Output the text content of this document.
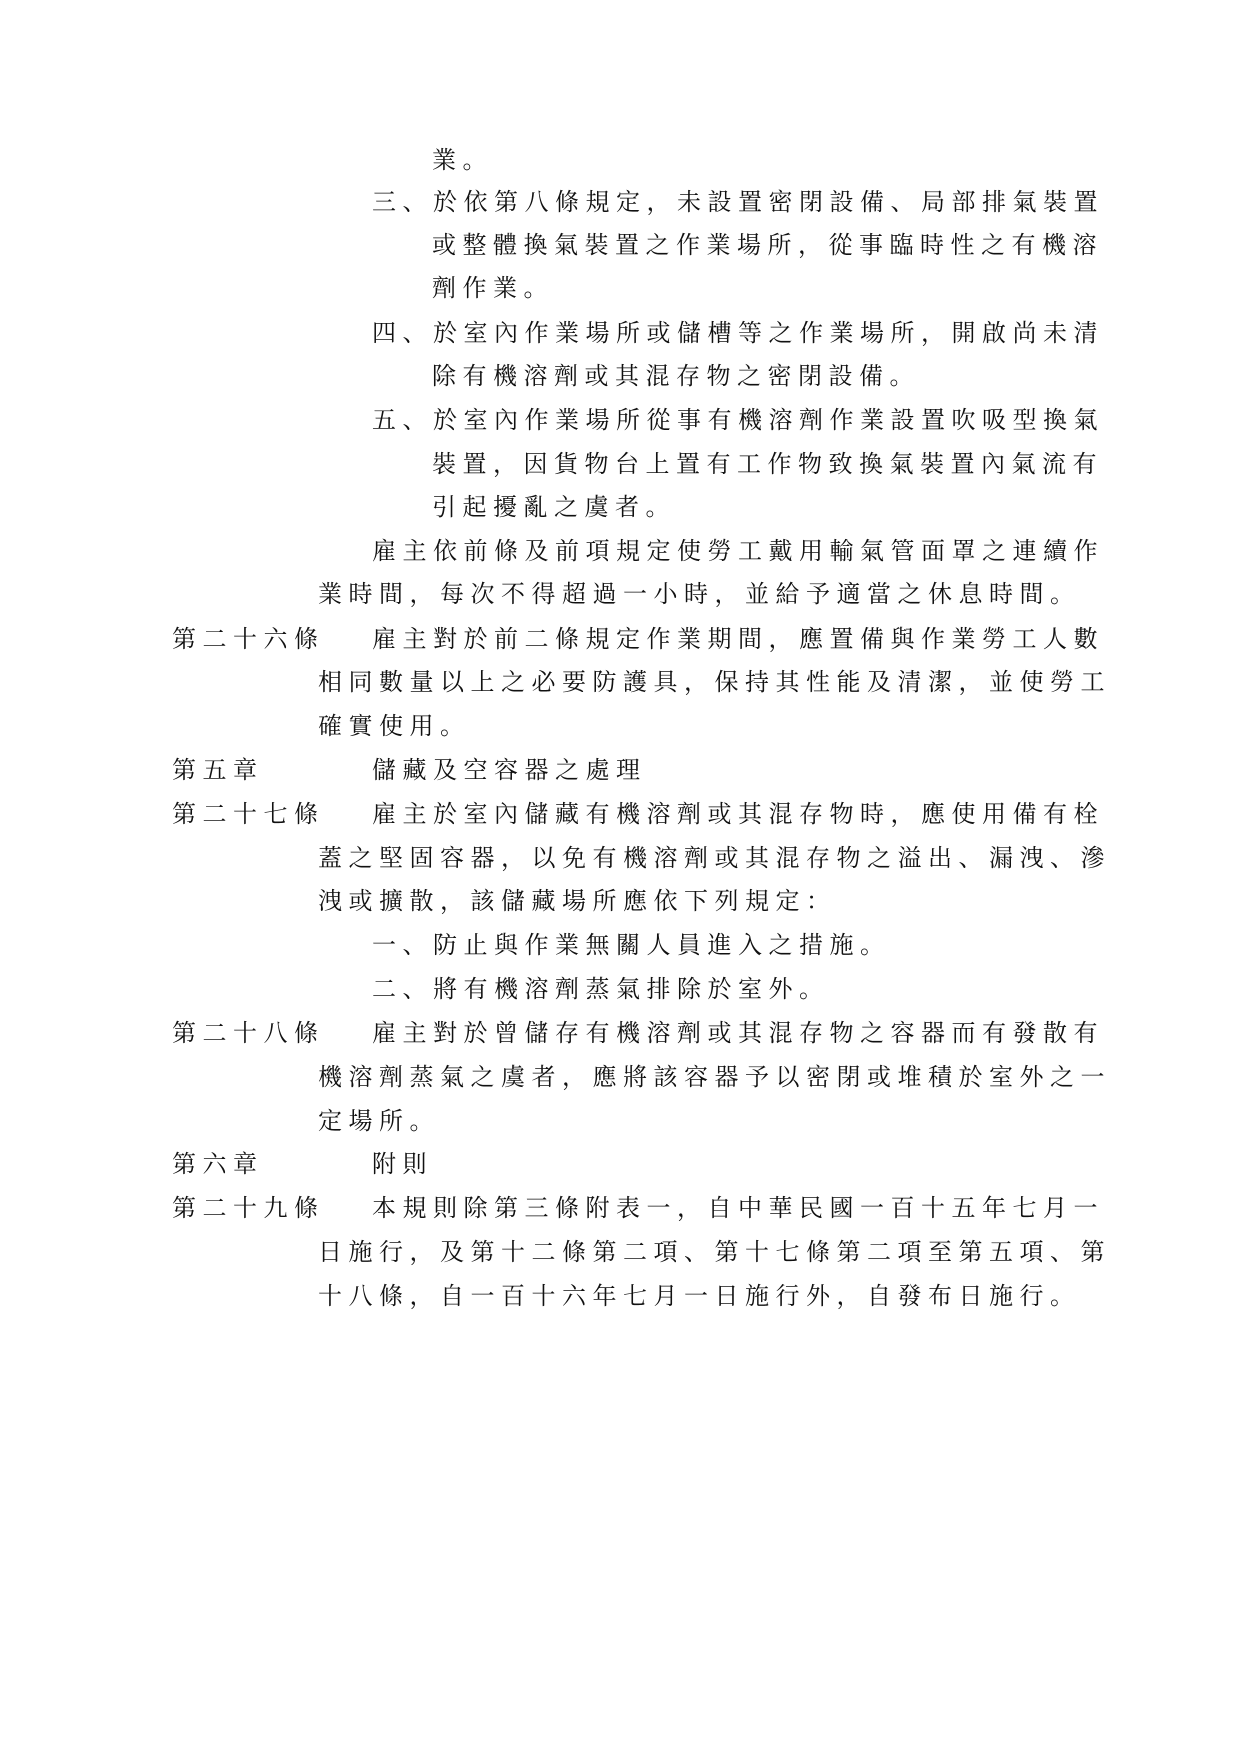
業。
三、於依第八條規定，未設置密閉設備、局部排氣裝置
或整體換氣裝置之作業場所，從事臨時性之有機溶
劑作業。
四、於室內作業場所或儲槽等之作業場所，開啟尚未清
除有機溶劑或其混存物之密閉設備。
五、於室內作業場所從事有機溶劑作業設置吹吸型換氣
裝置，因貨物台上置有工作物致換氣裝置內氣流有
引起擾亂之虞者。
雇主依前條及前項規定使勞工戴用輸氣管面罩之連續作
業時間，每次不得超過一小時，並給予適當之休息時間。
第二十六條 雇主對於前二條規定作業期間，應置備與作業勞工人數
相同數量以上之必要防護具，保持其性能及清潔，並使勞工
確實使用。
第五章	儲藏及空容器之處理
第二十七條 雇主於室內儲藏有機溶劑或其混存物時，應使用備有栓
蓋之堅固容器，以免有機溶劑或其混存物之溢出、漏洩、滲
洩或擴散，該儲藏場所應依下列規定：
一、防止與作業無關人員進入之措施。
二、將有機溶劑蒸氣排除於室外。
第二十八條 雇主對於曾儲存有機溶劑或其混存物之容器而有發散有
機溶劑蒸氣之虞者，應將該容器予以密閉或堆積於室外之一
定場所。
第六章	附則
第二十九條 本規則除第三條附表一，自中華民國一百十五年七月一
日施行，及第十二條第二項、第十七條第二項至第五項、第
十八條，自一百十六年七月一日施行外，自發布日施行。
